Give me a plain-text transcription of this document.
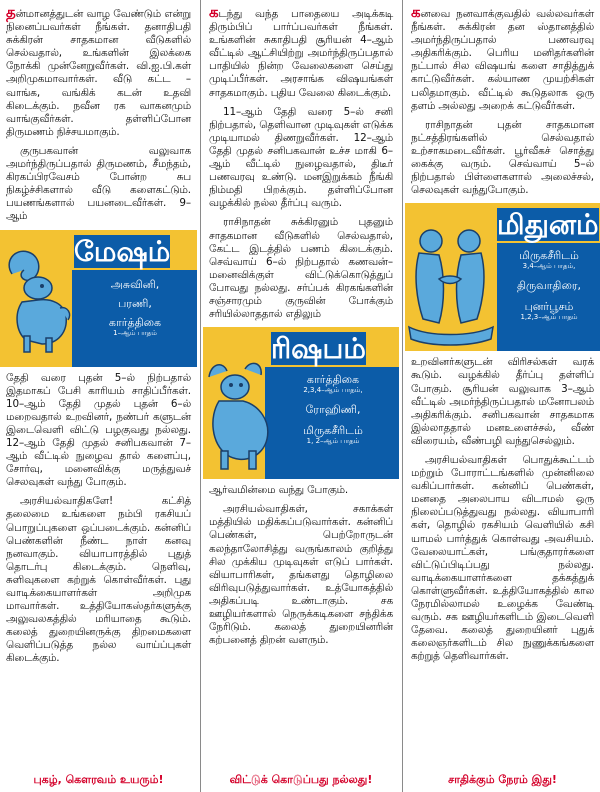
தன்மானத்துடன் வாழ வேண்டும் என்று நினைப்பவர்கள் நீங்கள். தனாதிபதி சுக்கிரன் சாதகமான வீடுகளில் செல்வதால், உங்களின் இலக்கை நோக்கி முன்னேறுவீர்கள். வி.ஐ.பி.கள் அறிமுகமாவார்கள். வீடு கட்ட – வாங்க, வங்கிக் கடன் உதவி கிடைக்கும். நவீன ரக வாகனமும் வாங்குவீர்கள். தள்ளிப்போன திருமணம் நிச்சயமாகும்.

குருபகவான் வலுவாக அமர்ந்திருப்பதால் திருமணம், சீமந்தம், கிரகப்பிரவேசம் போன்ற சுப நிகழ்ச்சிகளால் வீடு களைகட்டும். பயணங்களால் பயனடைவீர்கள். 9–ஆம்

மேஷம்
அசுவினி,
பரணி,
கார்த்திகை
1–ஆம் பாதம்

தேதி வரை புதன் 5–ல் நிற்பதால் இதமாகப் பேசி காரியம் சாதிப்பீர்கள். 10–ஆம் தேதி முதல் புதன் 6–ல் மறைவதால் உறவினர், நண்பர் களுடன் இடைவெளி விட்டு பழகுவது நல்லது. 12–ஆம் தேதி முதல் சனிபகவான் 7–ஆம் வீட்டில் நுழைவ தால் களைப்பு, சோர்வு, மனைவிக்கு மருத்துவச் செலவுகள் வந்து போகும்.

அரசியல்வாதிகளே! கட்சித் தலைமை உங்களை நம்பி ரகசியப் பொறுப்புகளை ஒப்படைக்கும். கன்னிப் பெண்களின் நீண்ட நாள் கனவு நனவாகும். வியாபாரத்தில் புதுத் தொடர்பு கிடைக்கும். நெளிவு, சுளிவுகளை கற்றுக் கொள்வீர்கள். புது வாடிக்கையாளர்கள் அறிமுக மாவார்கள். உத்தியோகஸ்தர்களுக்கு அலுவலகத்தில் மரியாதை கூடும். கலைத் துறையினருக்கு திறமைகளை வெளிப்படுத்த நல்ல வாய்ப்புகள் கிடைக்கும்.

புகழ், கௌரவம் உயரும்!

கடந்து வந்த பாதையை அடிக்கடி திரும்பிப் பார்ப்பவர்கள் நீங்கள். உங்களின் சுகாதிபதி சூரியன் 4–ஆம் வீட்டில் ஆட்சியிற்று அமர்ந்திருப்பதால் பாதியில் நின்ற வேலைகளை செய்து முடிப்பீர்கள். அரசாங்க விஷயங்கள் சாதகமாகும். புதிய வேலை கிடைக்கும்.

11–ஆம் தேதி வரை 5–ல் சனி நிற்பதால், தெளிவான முடிவுகள் எடுக்க முடியாமல் திணறுவீர்கள். 12–ஆம் தேதி முதல் சனிபகவான் உச்ச மாகி 6–ஆம் வீட்டில் நுழைவதால், திடீர் பணவரவு உண்டு. மனஇறுக்கம் நீங்கி நிம்மதி பிறக்கும். தள்ளிப்போன வழக்கில் நல்ல தீர்ப்பு வரும்.

ராசிநாதன் சுக்கிரனும் புதனும் சாதகமான வீடுகளில் செல்வதால், கேட்ட இடத்தில் பணம் கிடைக்கும். செவ்வாய் 6–ல் நிற்பதால் கணவன்–மனைவிக்குள் விட்டுக்கொடுத்துப் போவது நல்லது. சர்ப்பக் கிரகங்களின் சஞ்சாரமும் குருவின் போக்கும் சரியில்லாததால் எதிலும்

ரிஷபம்
கார்த்திகை
2,3,4–ஆம் பாதம்,
ரோஹிணி,
மிருகசீரிடம்
1, 2–ஆம் பாதம்

ஆர்வமின்மை வந்து போகும்.

அரசியல்வாதிகள், சகாக்கள் மத்தியில் மதிக்கப்படுவார்கள். கன்னிப் பெண்கள், பெற்றோருடன் கலந்தாலோசித்து வருங்காலம் குறித்து சில முக்கிய முடிவுகள் எடுப் பார்கள். வியாபாரிகள், தங்களது தொழிலை விரிவுபடுத்துவார்கள். உத்யோகத்தில் அதிகப்படி உண்டாகும். சக ஊழியர்களால் நெருக்கடிகளை சந்திக்க நேரிடும். கலைத் துறையினரின் கற்பனைத் திறன் வளரும்.

விட்டுக் கொடுப்பது நல்லது!

கனவை நனவாக்குவதில் வல்லவர்கள் நீங்கள். சுக்கிரன் தன ஸ்தானத்தில் அமர்ந்திருப்பதால் பணவரவு அதிகரிக்கும். பெரிய மனிதர்களின் நட்பால் சில விஷயங் களை சாதித்துக் காட்டுவீர்கள். கல்யாண முயற்சிகள் பலிதமாகும். வீட்டில் கூடுதலாக ஒரு தளம் அல்லது அறைக் கட்டுவீர்கள்.

ராசிநாதன் புதன் சாதகமான நட்சத்திரங்களில் செல்வதால் உற்சாகமடைவீர்கள். பூர்வீகச் சொத்து கைக்கு வரும். செவ்வாய் 5–ல் நிற்பதால் பிள்ளைகளால் அலைச்சல், செலவுகள் வந்துபோகும்.

மிதுனம்
மிருகசீரிடம்
3,4–ஆம் பாதம்,
திருவாதிரை,
புனர்பூசம்
1,2,3–ஆம் பாதம்

உறவினர்களுடன் விரிசல்கள் வரக் கூடும். வழக்கில் தீர்ப்பு தள்ளிப் போகும். சூரியன் வலுவாக 3–ஆம் வீட்டில் அமர்ந்திருப்பதால் மனோபலம் அதிகரிக்கும். சனிபகவான் சாதகமாக இல்லாததால் மனஉளைச்சல், வீண் விரையம், வீண்பழி வந்துசெல்லும்.

அரசியல்வாதிகள் பொதுக்கூட்டம் மற்றும் போராட்டங்களில் முன்னிலை வகிப்பார்கள். கன்னிப் பெண்கள், மனதை அலைபாய விடாமல் ஒரு நிலைப்படுத்துவது நல்லது. வியாபாரி கள், தொழில் ரகசியம் வெளியில் கசி யாமல் பார்த்துக் கொள்வது அவசியம். வேலையாட்கள், பங்குதாரர்களை விட்டுப்பிடிப்பது நல்லது. வாடிக்கையாளர்களை தக்கத்துக் கொள்ளுவீர்கள். உத்தியோகத்தில் கால நேரமில்லாமல் உழைக்க வேண்டி வரும். சக ஊழியர்களிடம் இடைவெளி தேவை. கலைத் துறையினர் புதுக் கலைஞர்களிடம் சில நுணுக்கங்களை கற்றுத் தெளிவார்கள்.

சாதிக்கும் நேரம் இது!
